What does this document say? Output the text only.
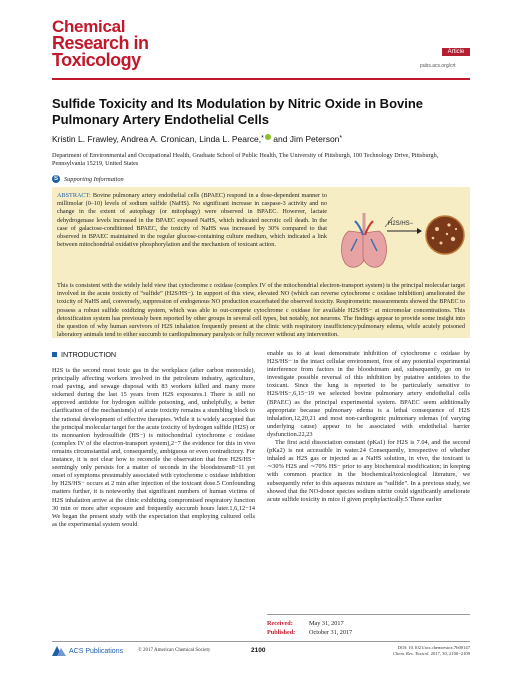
Chemical
Research in
Toxicology	Article
pubs.acs.org/crt
Sulfide Toxicity and Its Modulation by Nitric Oxide in Bovine Pulmonary Artery Endothelial Cells
Kristin L. Frawley, Andrea A. Cronican, Linda L. Pearce,* and Jim Peterson*
Department of Environmental and Occupational Health, Graduate School of Public Health, The University of Pittsburgh, 100 Technology Drive, Pittsburgh, Pennsylvania 15219, United States
S Supporting Information
ABSTRACT: Bovine pulmonary artery endothelial cells (BPAEC) respond in a dose-dependent manner to millimolar (0–10) levels of sodium sulfide (NaHS). No significant increase in caspase-3 activity and no change in the extent of autophagy (or mitophagy) were observed in BPAEC. However, lactate dehydrogenase levels increased in the BPAEC exposed NaHS, which indicated necrotic cell death. In the case of galactose-conditioned BPAEC, the toxicity of NaHS was increased by 30% compared to that observed in BPAEC maintained in the regular glucose-containing culture medium, which indicated a link between mitochondrial oxidative phosphorylation and the mechanism of toxicant action.
H2S/HS−
This is consistent with the widely held view that cytochrome c oxidase (complex IV of the mitochondrial electron-transport system) is the principal molecular target involved in the acute toxicity of “sulfide” (H2S/HS−). In support of this view, elevated NO (which can reverse cytochrome c oxidase inhibition) ameliorated the toxicity of NaHS and, conversely, suppression of endogenous NO production exacerbated the observed toxicity. Respirometric measurements showed the BPAEC to possess a robust sulfide oxidizing system, which was able to out-compete cytochrome c oxidase for available H2S/HS− at micromolar concentrations. This detoxification system has previously been reported by other groups in several cell types, but notably, not neurons. The findings appear to provide some insight into the question of why human survivors of H2S inhalation frequently present at the clinic with respiratory insufficiency/pulmonary edema, while acutely poisoned laboratory animals tend to either succumb to cardiopulmonary paralysis or fully recover without any intervention.
INTRODUCTION

H2S is the second most toxic gas in the workplace (after carbon monoxide), principally affecting workers involved in the petroleum industry, agriculture, road paving, and sewage disposal with 83 workers killed and many more sickened during the last 15 years from H2S exposures.1 There is still no approved antidote for hydrogen sulfide poisoning, and, unhelpfully, a better clarification of the mechanism(s) of acute toxicity remains a stumbling block to the rational development of effective therapies. While it is widely accepted that the principal molecular target for the acute toxicity of hydrogen sulfide (H2S) or its monoanion hydrosulfide (HS−) is mitochondrial cytochrome c oxidase (complex IV of the electron-transport system),2−7 the evidence for this in vivo remains circumstantial and, consequently, ambiguous or even contradictory. For instance, it is not clear how to reconcile the observation that free H2S/HS− seemingly only persists for a matter of seconds in the bloodstream8−11 yet onset of symptoms presumably associated with cytochrome c oxidase inhibition by H2S/HS− occurs at 2 min after injection of the toxicant dose.5 Confounding matters further, it is noteworthy that significant numbers of human victims of H2S inhalation arrive at the clinic exhibiting compromised respiratory function 30 min or more after exposure and frequently succumb hours later.1,6,12−14 We began the present study with the expectation that employing cultured cells as the experimental system would

enable us to at least demonstrate inhibition of cytochrome c oxidase by H2S/HS− in the intact cellular environment, free of any potential experimental interference from factors in the bloodstream and, subsequently, go on to investigate possible reversal of this inhibition by putative antidotes to the toxicant. Since the lung is reported to be particularly sensitive to H2S/HS−,6,15−19 we selected bovine pulmonary artery endothelial cells (BPAEC) as the principal experimental system. BPAEC seem additionally appropriate because pulmonary edema is a lethal consequence of H2S inhalation,12,20,21 and most non-cardiogenic pulmonary edemas (of varying underlying cause) appear to be associated with endothelial barrier dysfunction.22,23

The first acid dissociation constant (pKa1) for H2S is 7.04, and the second (pKa2) is not accessible in water.24 Consequently, irrespective of whether inhaled as H2S gas or injected as a NaHS solution, in vivo, the toxicant is ∼30% H2S and ∼70% HS− prior to any biochemical modification; in keeping with common practice in the biochemical/toxicological literature, we subsequently refer to this aqueous mixture as “sulfide”. In a previous study, we showed that the NO-donor species sodium nitrite could significantly ameliorate acute sulfide toxicity in mice if given prophylactically.5 These earlier

Received:	May 31, 2017
Published: October 31, 2017
ACS Publications	© 2017 American Chemical Society	2100	DOI: 10.1021/acs.chemrestox.7b00147
Chem. Res. Toxicol. 2017, 30, 2100−2109
